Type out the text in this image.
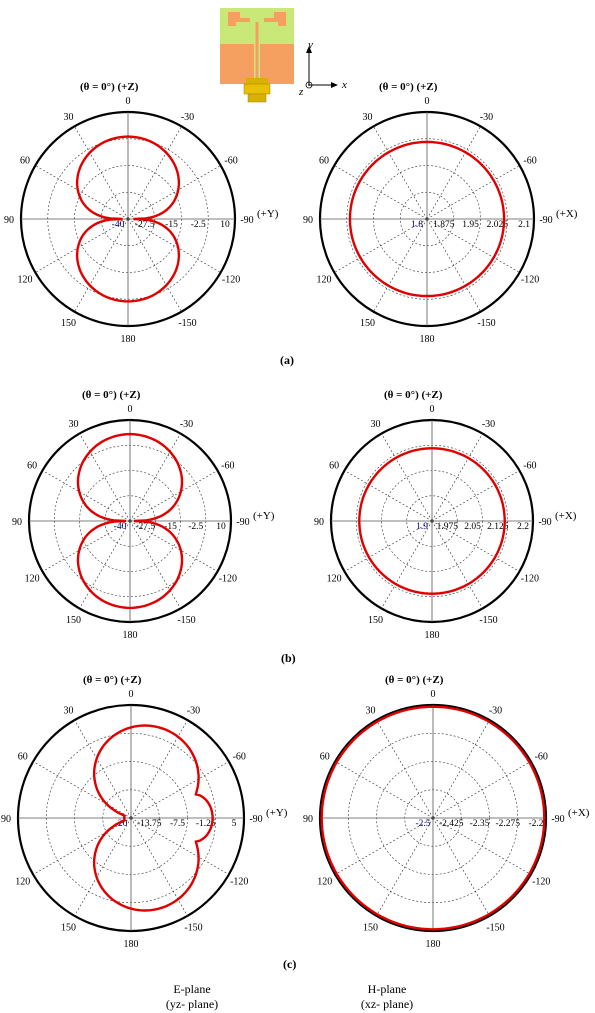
y
x
z
0
-30
-60
-90
-120
-150
180
150
120
90
60
30
(θ = 0°) (+Z)
(+Y)
-40 -27.5 -15 -2.5 10
0
-30
-60
-90
-120
-150
180
150
120
90
60
30
(θ = 0°) (+Z)
(+X)
1.8 1.875 1.95 2.025 2.1
0
-30
-60
-90
-120
-150
180
150
120
90
60
30
(θ = 0°) (+Z)
(+Y)
-40 -27.5 -15 -2.5 10
0
-30
-60
-90
-120
-150
180
150
120
90
60
30
(θ = 0°) (+Z)
(+X)
1.9 1.975 2.05 2.125 2.2
0
-30
-60
-90
-120
-150
180
150
120
90
60
30
(θ = 0°) (+Z)
(+Y)
-20 -13.75 -7.5 -1.25 5
0
-30
-60
-90
-120
-150
180
150
120
90
60
30
(θ = 0°) (+Z)
(+X)
-2.5 -2.425 -2.35 -2.275 -2.2
(a)
(b)
(c)
E-plane
(yz- plane)
H-plane
(xz- plane)
